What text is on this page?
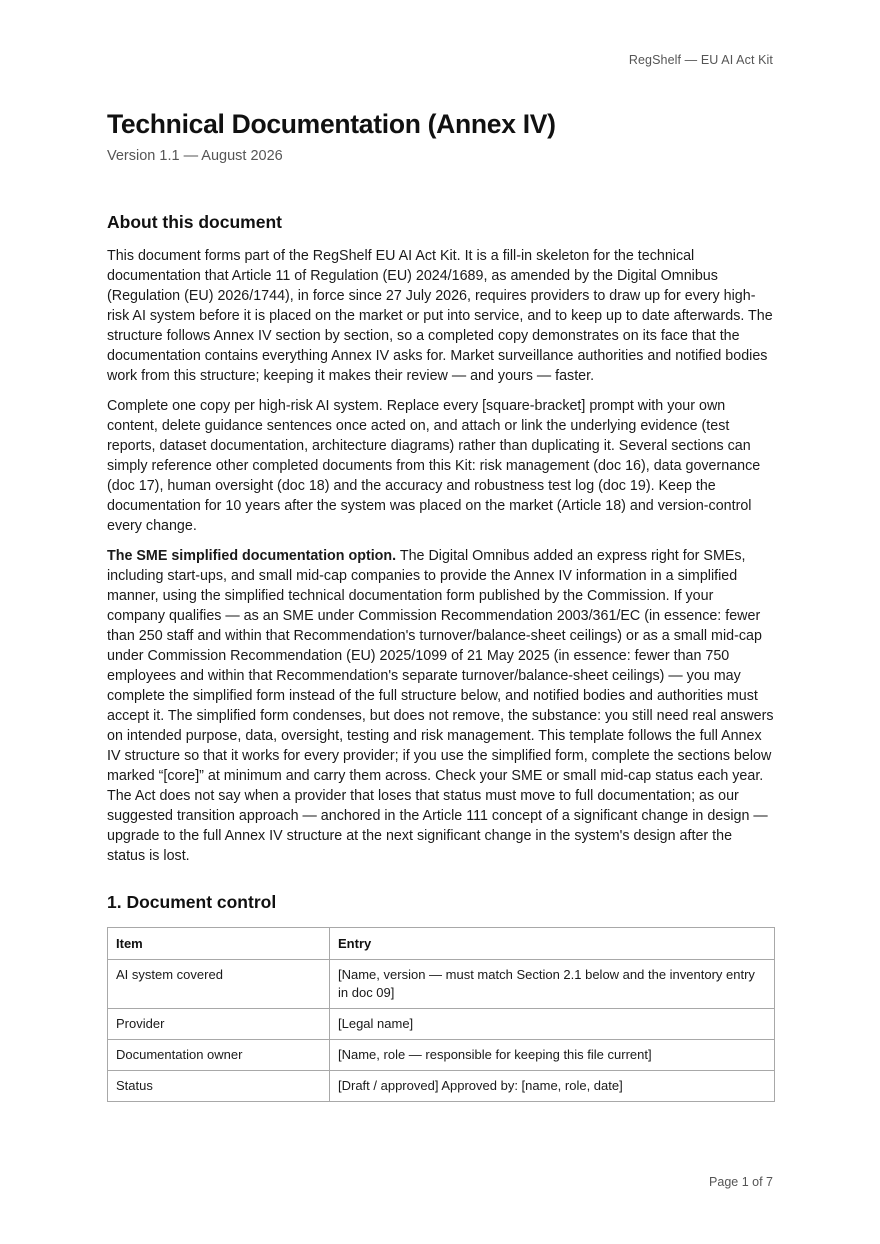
RegShelf — EU AI Act Kit
Technical Documentation (Annex IV)
Version 1.1 — August 2026
About this document

This document forms part of the RegShelf EU AI Act Kit. It is a fill-in skeleton for the technical documentation that Article 11 of Regulation (EU) 2024/1689, as amended by the Digital Omnibus (Regulation (EU) 2026/1744), in force since 27 July 2026, requires providers to draw up for every high-risk AI system before it is placed on the market or put into service, and to keep up to date afterwards. The structure follows Annex IV section by section, so a completed copy demonstrates on its face that the documentation contains everything Annex IV asks for. Market surveillance authorities and notified bodies work from this structure; keeping it makes their review — and yours — faster.

Complete one copy per high-risk AI system. Replace every [square-bracket] prompt with your own content, delete guidance sentences once acted on, and attach or link the underlying evidence (test reports, dataset documentation, architecture diagrams) rather than duplicating it. Several sections can simply reference other completed documents from this Kit: risk management (doc 16), data governance (doc 17), human oversight (doc 18) and the accuracy and robustness test log (doc 19). Keep the documentation for 10 years after the system was placed on the market (Article 18) and version-control every change.

The SME simplified documentation option. The Digital Omnibus added an express right for SMEs, including start-ups, and small mid-cap companies to provide the Annex IV information in a simplified manner, using the simplified technical documentation form published by the Commission. If your company qualifies — as an SME under Commission Recommendation 2003/361/EC (in essence: fewer than 250 staff and within that Recommendation's turnover/balance-sheet ceilings) or as a small mid-cap under Commission Recommendation (EU) 2025/1099 of 21 May 2025 (in essence: fewer than 750 employees and within that Recommendation's separate turnover/balance-sheet ceilings) — you may complete the simplified form instead of the full structure below, and notified bodies and authorities must accept it. The simplified form condenses, but does not remove, the substance: you still need real answers on intended purpose, data, oversight, testing and risk management. This template follows the full Annex IV structure so that it works for every provider; if you use the simplified form, complete the sections below marked “[core]” at minimum and carry them across. Check your SME or small mid-cap status each year. The Act does not say when a provider that loses that status must move to full documentation; as our suggested transition approach — anchored in the Article 111 concept of a significant change in design — upgrade to the full Annex IV structure at the next significant change in the system's design after the status is lost.

1. Document control
Item	Entry
AI system covered	[Name, version — must match Section 2.1 below and the inventory entry in doc 09]
Provider	[Legal name]
Documentation owner	[Name, role — responsible for keeping this file current]
Status	[Draft / approved] Approved by: [name, role, date]
Page 1 of 7
